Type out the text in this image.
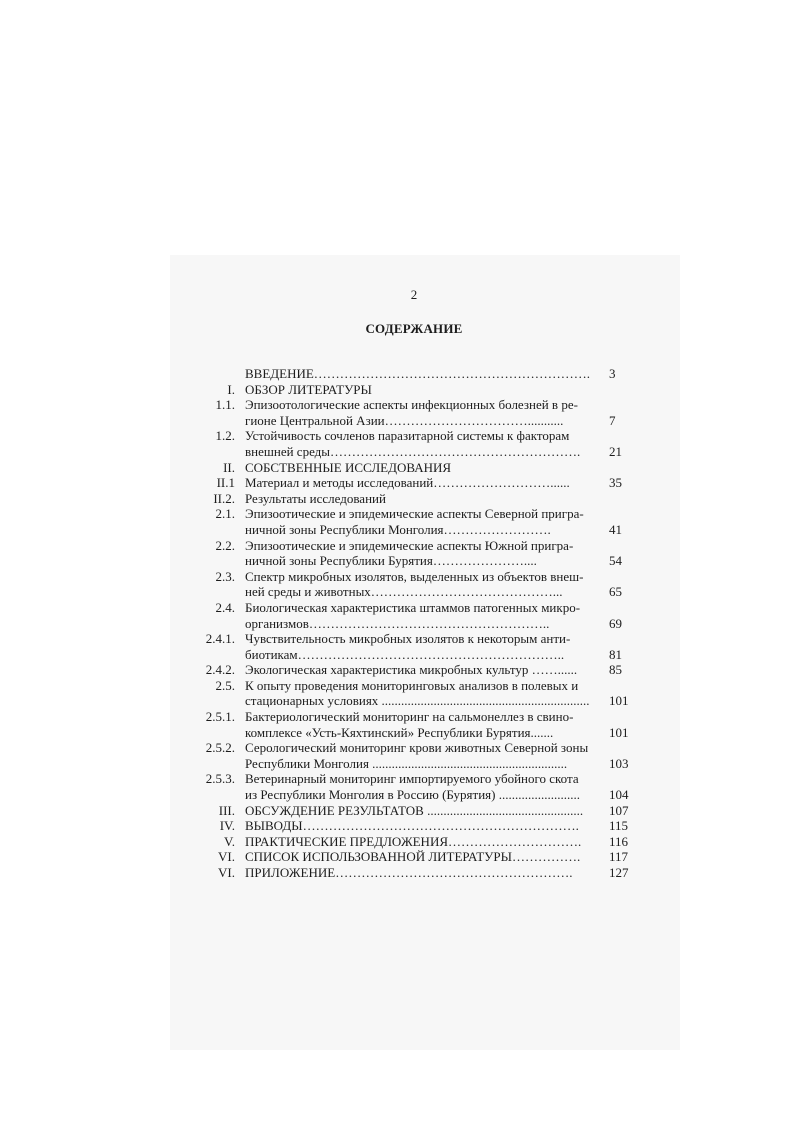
2
СОДЕРЖАНИЕ
ВВЕДЕНИЕ……………………………………………………….	3
I. ОБЗОР ЛИТЕРАТУРЫ
1.1. Эпизоотологические аспекты инфекционных болезней в ре-
гионе Центральной Азии……………………………...........	7
1.2. Устойчивость сочленов паразитарной системы к факторам
внешней среды………………………………………………….	21
II. СОБСТВЕННЫЕ ИССЛЕДОВАНИЯ
II.1 Материал и методы исследований………………………......	35
II.2. Результаты исследований
2.1. Эпизоотические и эпидемические аспекты Северной пригра-
ничной зоны Республики Монголия…………………….	41
2.2. Эпизоотические и эпидемические аспекты Южной пригра-
ничной зоны Республики Бурятия…………………....	54
2.3. Спектр микробных изолятов, выделенных из объектов внеш-
ней среды и животных……………………………………...	65
2.4. Биологическая характеристика штаммов патогенных микро-
организмов………………………………………………..	69
2.4.1. Чувствительность микробных изолятов к некоторым анти-
биотикам……………………………………………………..	81
2.4.2. Экологическая характеристика микробных культур ……......	85
2.5. К опыту проведения мониторинговых анализов в полевых и
стационарных условиях ................................................................	101
2.5.1. Бактериологический мониторинг на сальмонеллез в свино-
комплексе «Усть-Кяхтинский» Республики Бурятия.......	101
2.5.2. Серологический мониторинг крови животных Северной зоны
Республики Монголия ............................................................	103
2.5.3. Ветеринарный мониторинг импортируемого убойного скота
из Республики Монголия в Россию (Бурятия) .........................	104
III. ОБСУЖДЕНИЕ РЕЗУЛЬТАТОВ ................................................	107
IV. ВЫВОДЫ……………………………………………………….	115
V. ПРАКТИЧЕСКИЕ ПРЕДЛОЖЕНИЯ………………………….	116
VI. СПИСОК ИСПОЛЬЗОВАННОЙ ЛИТЕРАТУРЫ…………….	117
VI. ПРИЛОЖЕНИЕ……………………………………………….	127
